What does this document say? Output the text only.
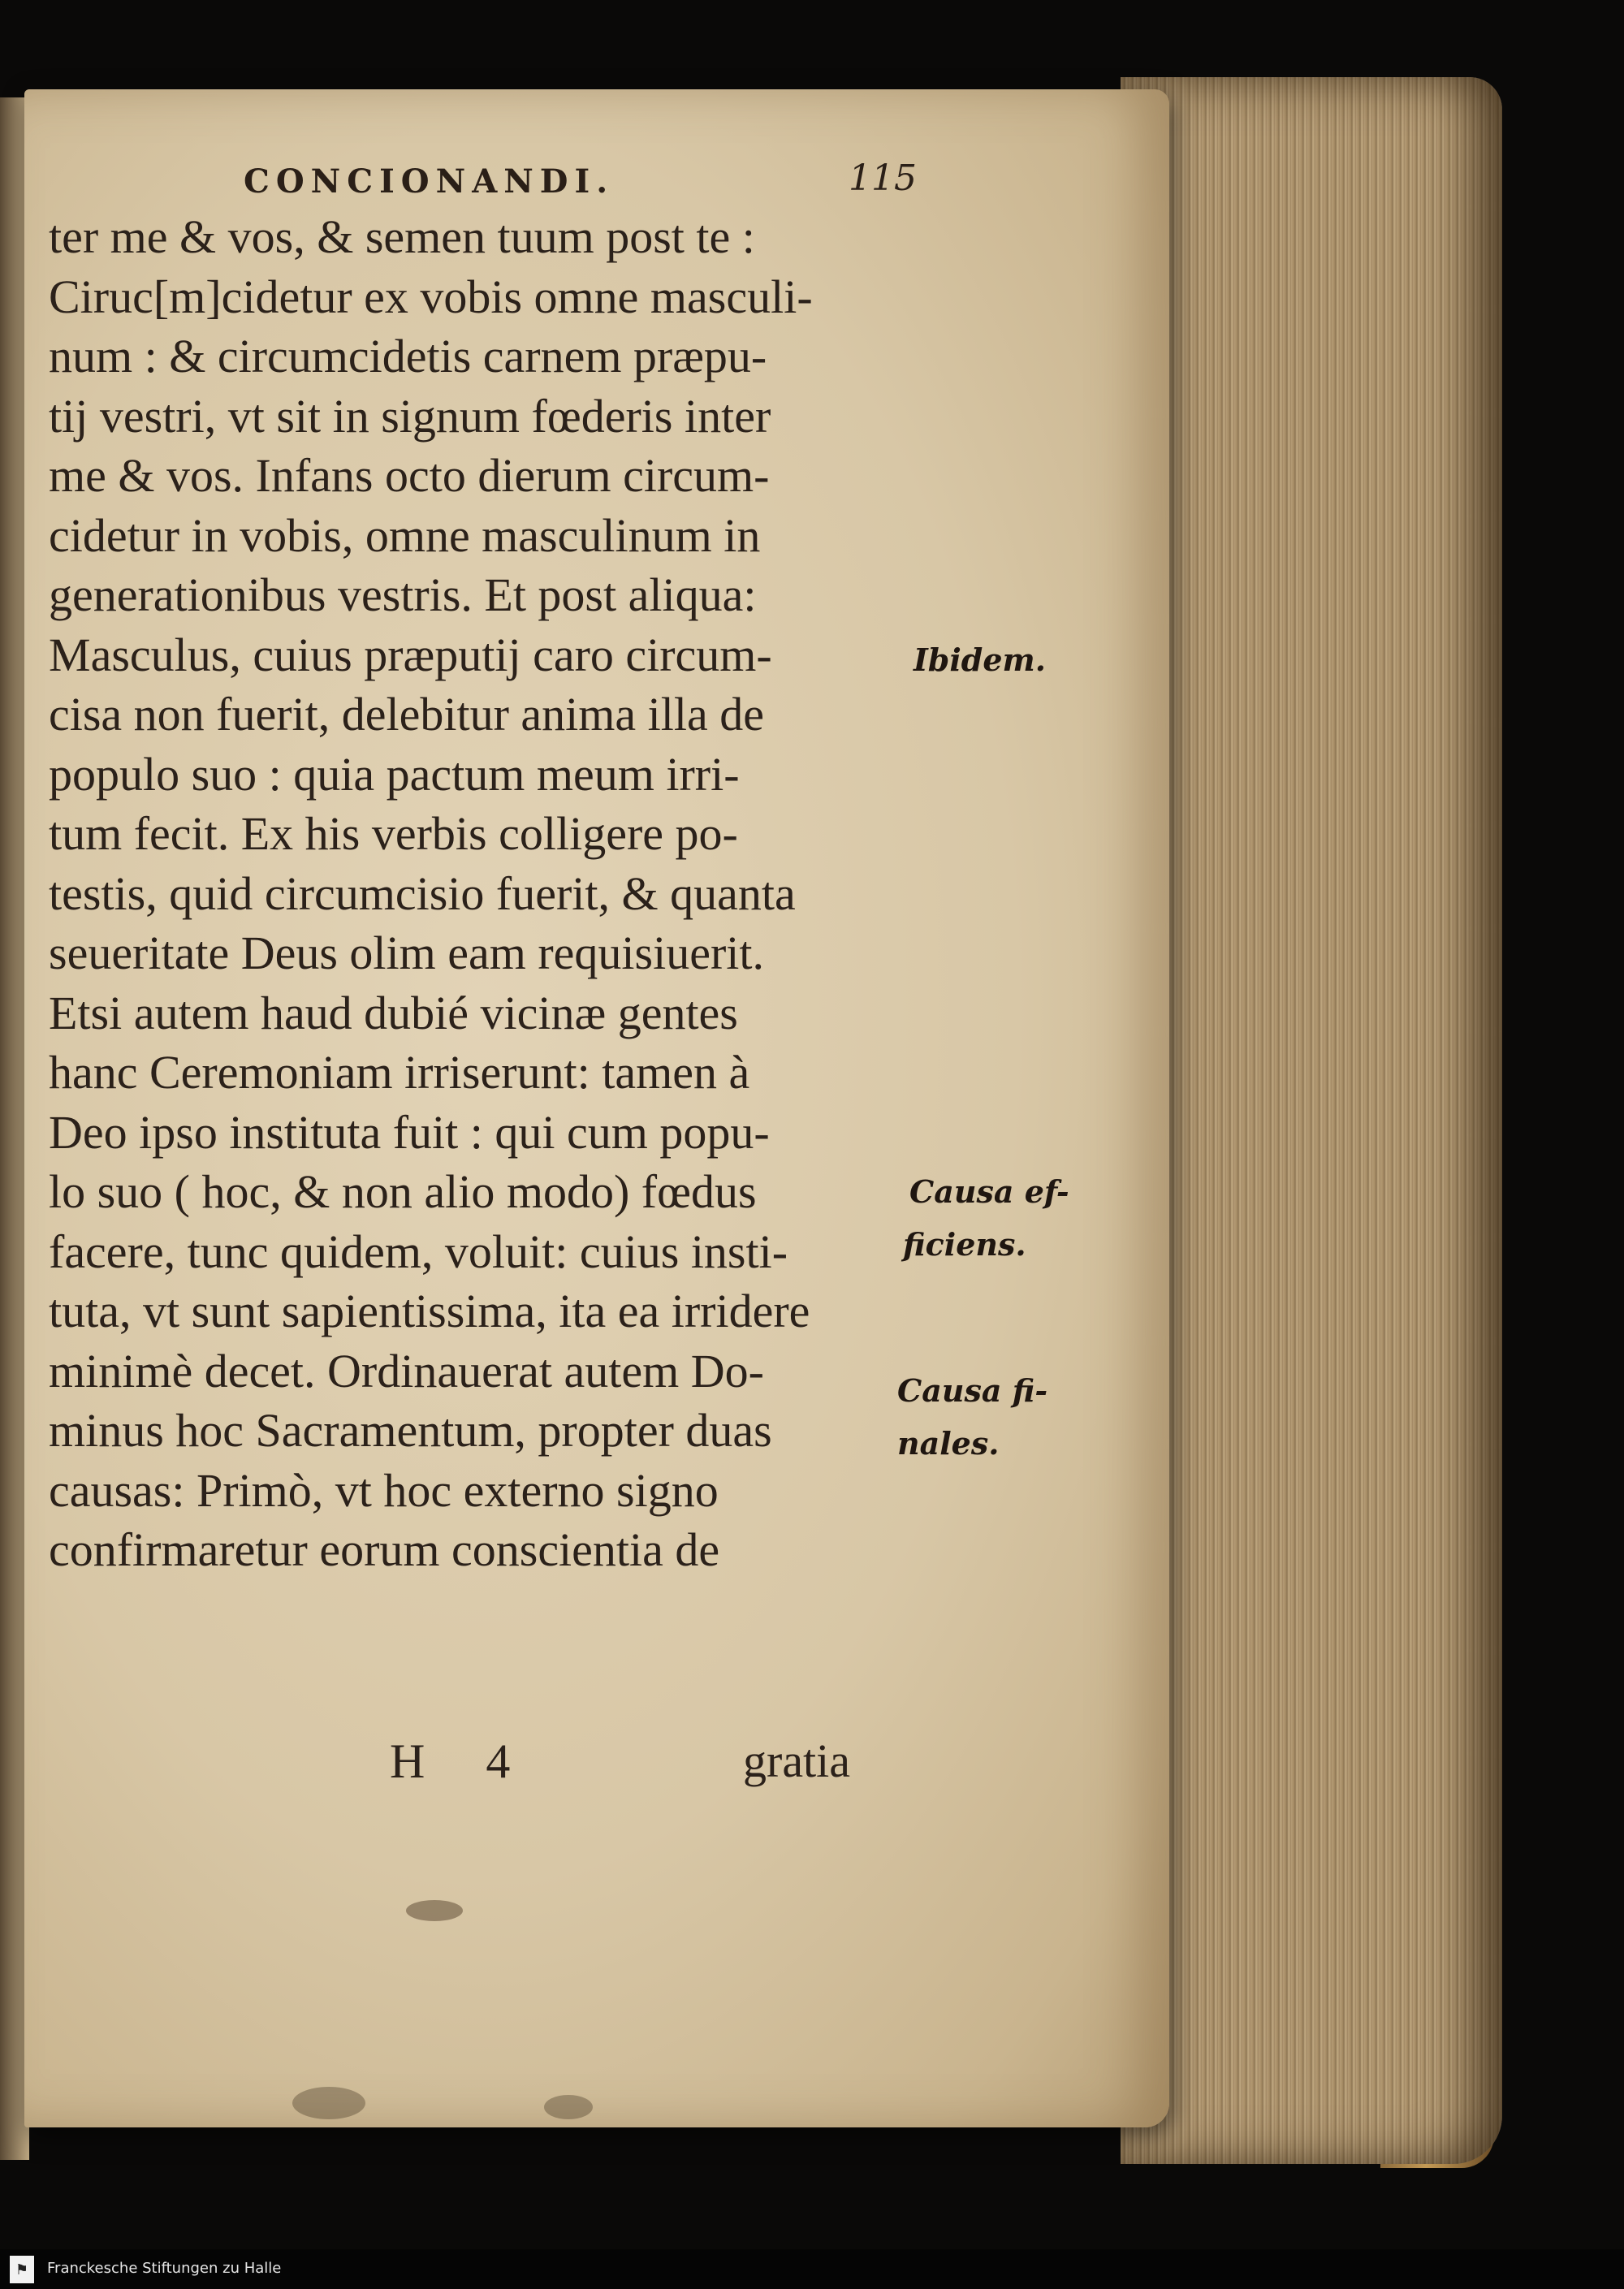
CONCIONANDI.	115
ter me & vos, & semen tuum post te :
Ciruc[m]cidetur ex vobis omne masculi-
num : & circumcidetis carnem præpu-
tij vestri, vt sit in signum fœderis inter
me & vos. Infans octo dierum circum-
cidetur in vobis, omne masculinum in
generationibus vestris. Et post aliqua:
Masculus, cuius præputij caro circum-
cisa non fuerit, delebitur anima illa de
populo suo : quia pactum meum irri-
tum fecit. Ex his verbis colligere po-
testis, quid circumcisio fuerit, & quanta
seueritate Deus olim eam requisiuerit.
Etsi autem haud dubié vicinæ gentes
hanc Ceremoniam irriserunt: tamen à
Deo ipso instituta fuit : qui cum popu-
lo suo ( hoc, & non alio modo) fœdus
facere, tunc quidem, voluit: cuius insti-
tuta, vt sunt sapientissima, ita ea irridere
minimè decet. Ordinauerat autem Do-
minus hoc Sacramentum, propter duas
causas: Primò, vt hoc externo signo
confirmaretur eorum conscientia de
H 4	gratia
Ibidem.
Causa ef-
ficiens.
Causa fi-
nales.
⚑	Franckesche Stiftungen zu Halle
